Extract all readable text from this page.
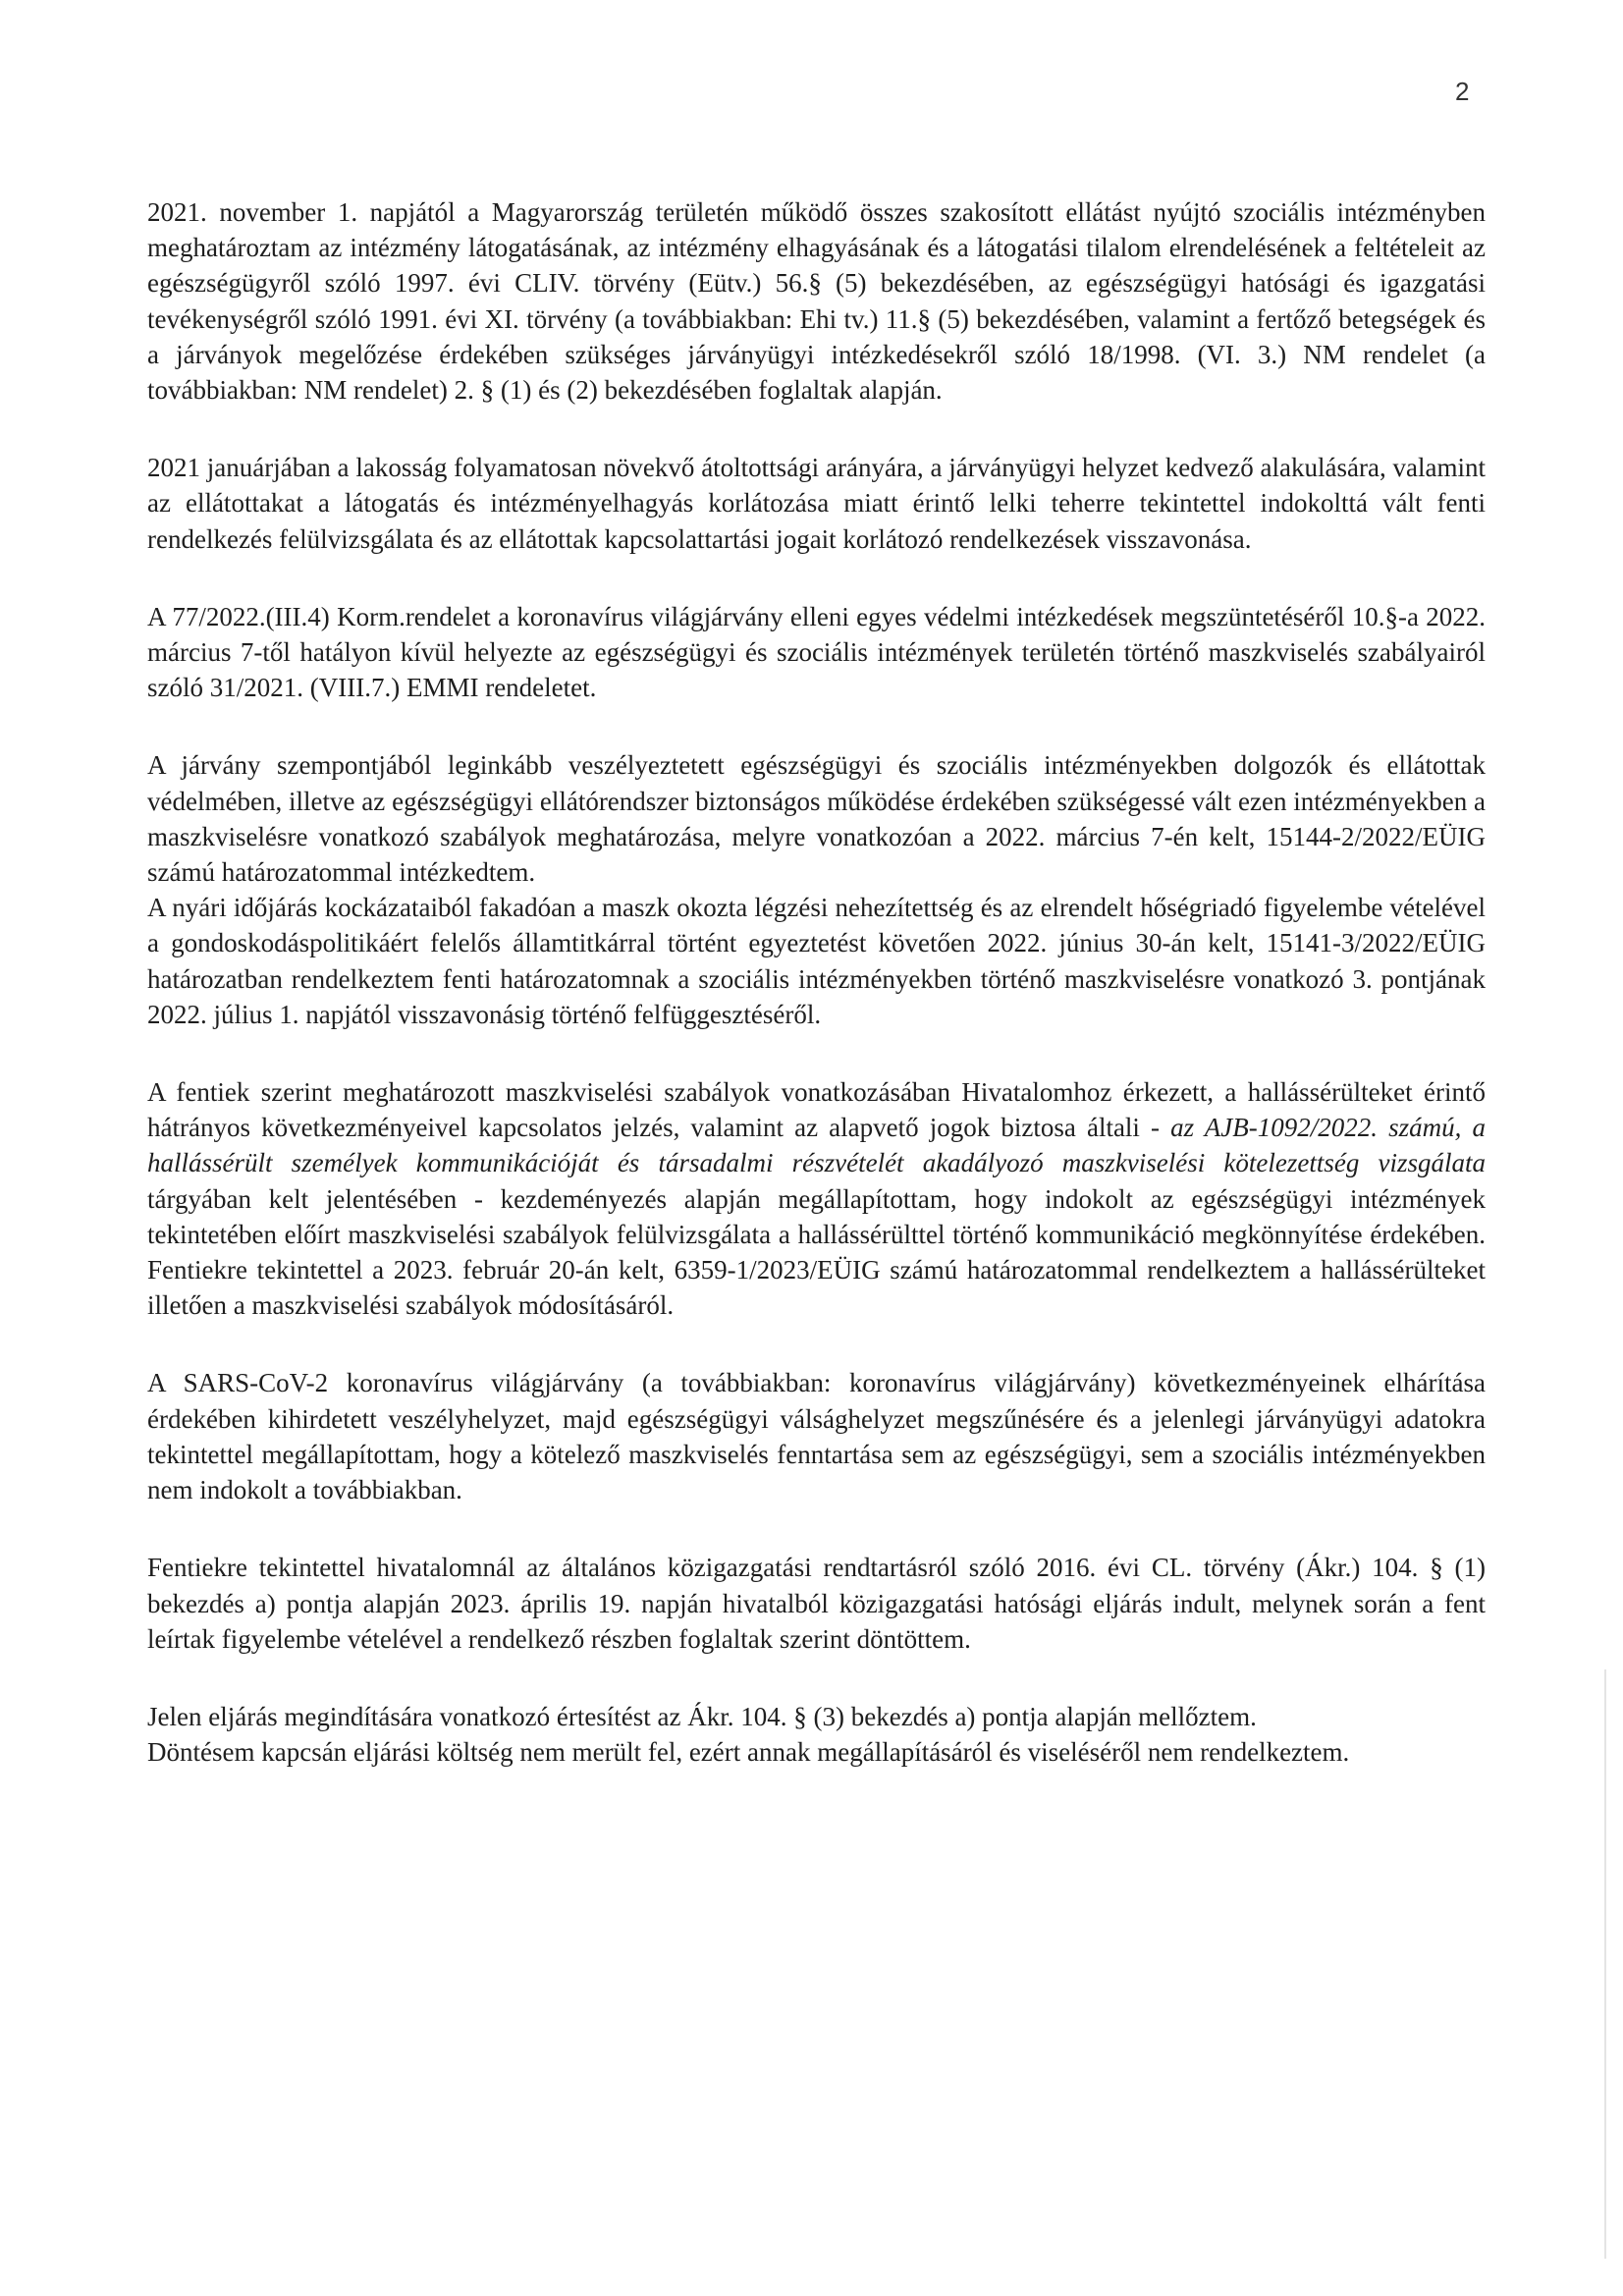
2

2021. november 1. napjától a Magyarország területén működő összes szakosított ellátást nyújtó szociális intézményben meghatároztam az intézmény látogatásának, az intézmény elhagyásának és a látogatási tilalom elrendelésének a feltételeit az egészségügyről szóló 1997. évi CLIV. törvény (Eütv.) 56.§ (5) bekezdésében, az egészségügyi hatósági és igazgatási tevékenységről szóló 1991. évi XI. törvény (a továbbiakban: Ehi tv.) 11.§ (5) bekezdésében, valamint a fertőző betegségek és a járványok megelőzése érdekében szükséges járványügyi intézkedésekről szóló 18/1998. (VI. 3.) NM rendelet (a továbbiakban: NM rendelet) 2. § (1) és (2) bekezdésében foglaltak alapján.

2021 januárjában a lakosság folyamatosan növekvő átoltottsági arányára, a járványügyi helyzet kedvező alakulására, valamint az ellátottakat a látogatás és intézményelhagyás korlátozása miatt érintő lelki teherre tekintettel indokolttá vált fenti rendelkezés felülvizsgálata és az ellátottak kapcsolattartási jogait korlátozó rendelkezések visszavonása.

A 77/2022.(III.4) Korm.rendelet a koronavírus világjárvány elleni egyes védelmi intézkedések megszüntetéséről 10.§-a 2022. március 7-től hatályon kívül helyezte az egészségügyi és szociális intézmények területén történő maszkviselés szabályairól szóló 31/2021. (VIII.7.) EMMI rendeletet.

A járvány szempontjából leginkább veszélyeztetett egészségügyi és szociális intézményekben dolgozók és ellátottak védelmében, illetve az egészségügyi ellátórendszer biztonságos működése érdekében szükségessé vált ezen intézményekben a maszkviselésre vonatkozó szabályok meghatározása, melyre vonatkozóan a 2022. március 7-én kelt, 15144-2/2022/EÜIG számú határozatommal intézkedtem.

A nyári időjárás kockázataiból fakadóan a maszk okozta légzési nehezítettség és az elrendelt hőségriadó figyelembe vételével a gondoskodáspolitikáért felelős államtitkárral történt egyeztetést követően 2022. június 30-án kelt, 15141-3/2022/EÜIG határozatban rendelkeztem fenti határozatomnak a szociális intézményekben történő maszkviselésre vonatkozó 3. pontjának 2022. július 1. napjától visszavonásig történő felfüggesztéséről.

A fentiek szerint meghatározott maszkviselési szabályok vonatkozásában Hivatalomhoz érkezett, a hallássérülteket érintő hátrányos következményeivel kapcsolatos jelzés, valamint az alapvető jogok biztosa általi - az AJB-1092/2022. számú, a hallássérült személyek kommunikációját és társadalmi részvételét akadályozó maszkviselési kötelezettség vizsgálata tárgyában kelt jelentésében - kezdeményezés alapján megállapítottam, hogy indokolt az egészségügyi intézmények tekintetében előírt maszkviselési szabályok felülvizsgálata a hallássérülttel történő kommunikáció megkönnyítése érdekében. Fentiekre tekintettel a 2023. február 20-án kelt, 6359-1/2023/EÜIG számú határozatommal rendelkeztem a hallássérülteket illetően a maszkviselési szabályok módosításáról.

A SARS-CoV-2 koronavírus világjárvány (a továbbiakban: koronavírus világjárvány) következményeinek elhárítása érdekében kihirdetett veszélyhelyzet, majd egészségügyi válsághelyzet megszűnésére és a jelenlegi járványügyi adatokra tekintettel megállapítottam, hogy a kötelező maszkviselés fenntartása sem az egészségügyi, sem a szociális intézményekben nem indokolt a továbbiakban.

Fentiekre tekintettel hivatalomnál az általános közigazgatási rendtartásról szóló 2016. évi CL. törvény (Ákr.) 104. § (1) bekezdés a) pontja alapján 2023. április 19. napján hivatalból közigazgatási hatósági eljárás indult, melynek során a fent leírtak figyelembe vételével a rendelkező részben foglaltak szerint döntöttem.

Jelen eljárás megindítására vonatkozó értesítést az Ákr. 104. § (3) bekezdés a) pontja alapján mellőztem.

Döntésem kapcsán eljárási költség nem merült fel, ezért annak megállapításáról és viseléséről nem rendelkeztem.
